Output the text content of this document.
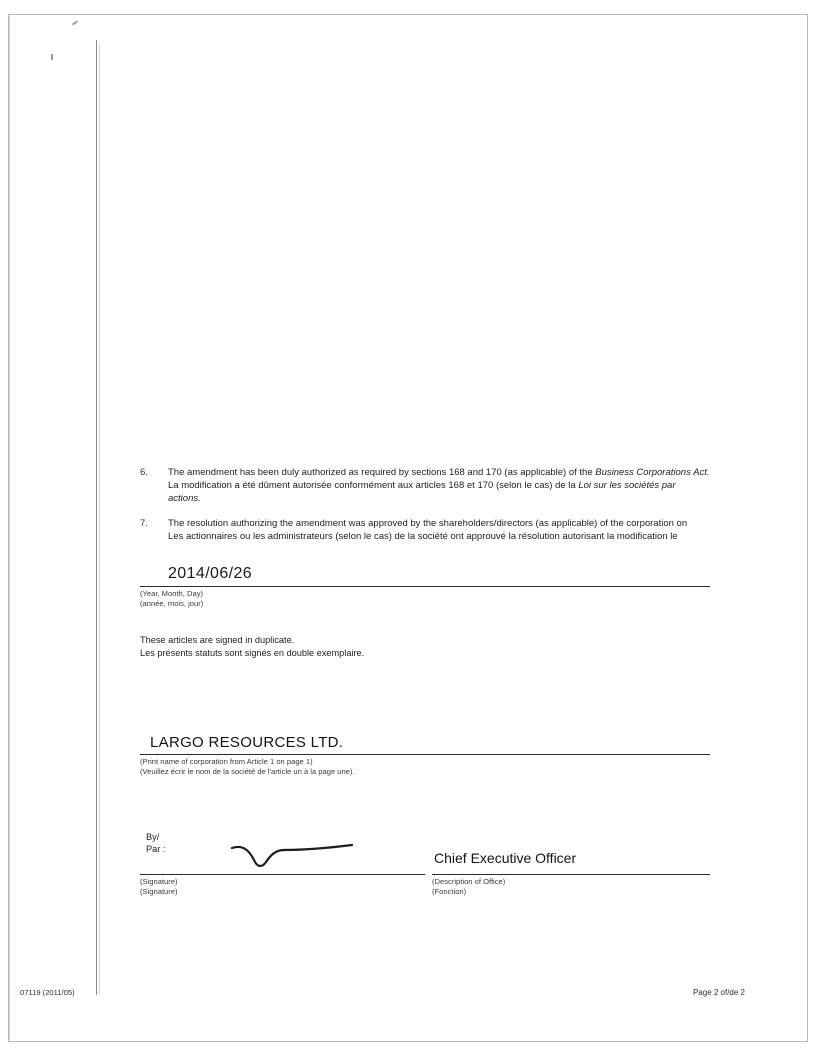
6.	The amendment has been duly authorized as required by sections 168 and 170 (as applicable) of the Business Corporations Act.
La modification a été dûment autorisée conformément aux articles 168 et 170 (selon le cas) de la Loi sur les sociétés par actions.
7.	The resolution authorizing the amendment was approved by the shareholders/directors (as applicable) of the corporation on
Les actionnaires ou les administrateurs (selon le cas) de la société ont approuvé la résolution autorisant la modification le
2014/06/26
(Year, Month, Day)
(année, mois, jour)
These articles are signed in duplicate.
Les présents statuts sont signés en double exemplaire.
LARGO RESOURCES LTD.
(Print name of corporation from Article 1 on page 1)
(Veuillez écrir le nom de la société de l'article un à la page une).
By/
Par :
(Signature)
(Signature)
Chief Executive Officer
(Description of Office)
(Fonction)
07119 (2011/05)	Page 2 of/de 2
